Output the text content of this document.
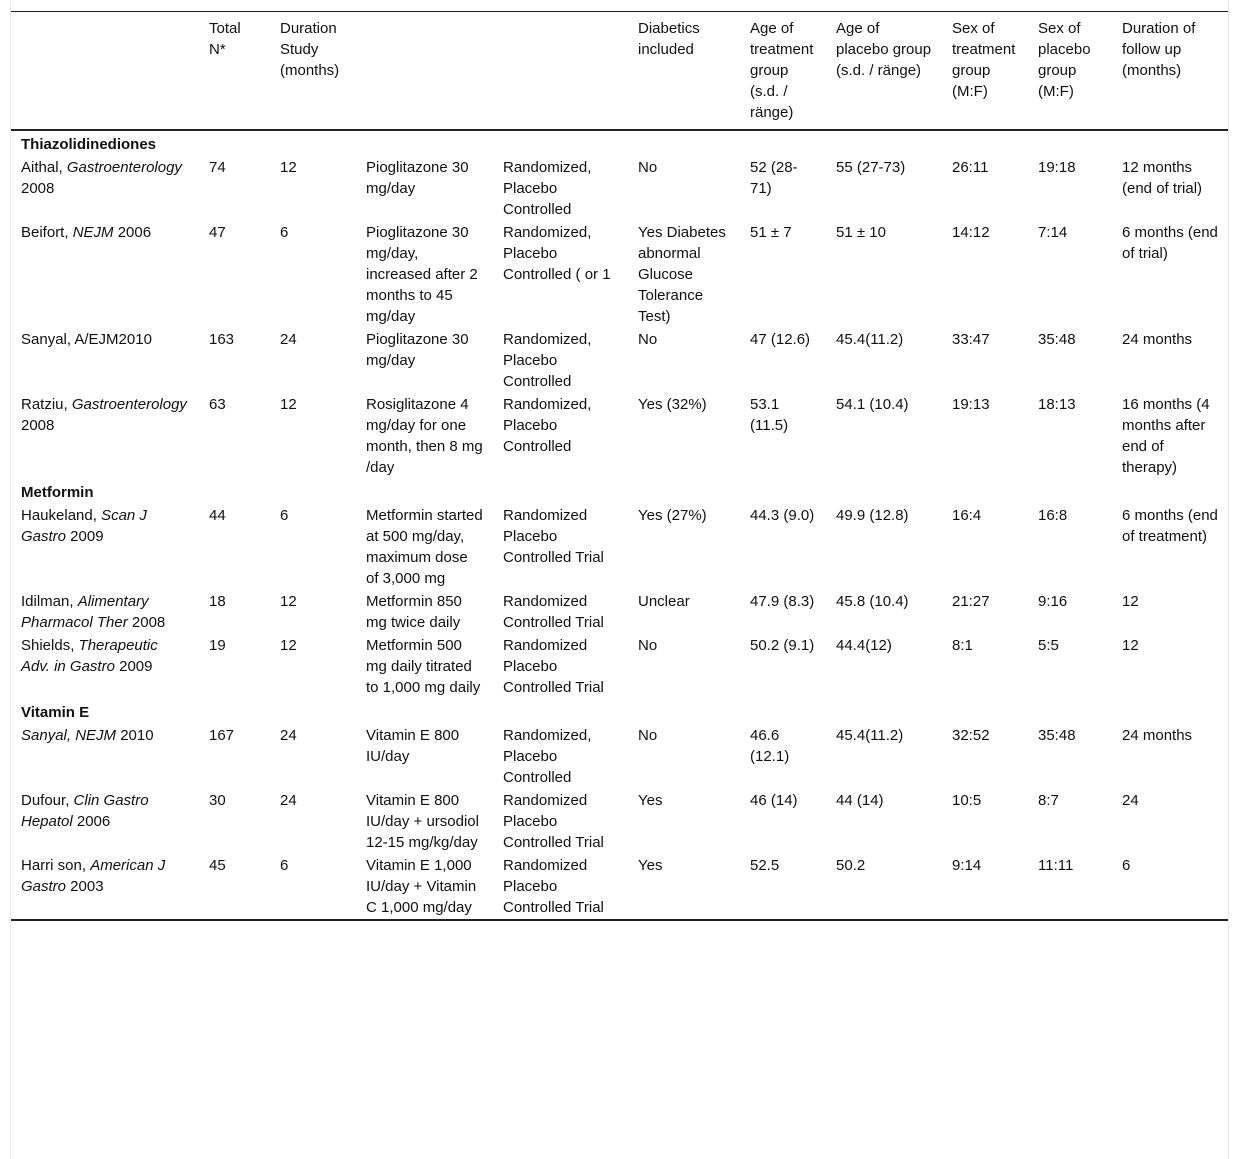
	Total N*	Duration Study (months)			Diabetics included	Age of treatment group (s.d. / ränge)	Age of placebo group (s.d. / ränge)	Sex of treatment group (M:F)	Sex of placebo group (M:F)	Duration of follow up (months)
Thiazolidinediones										
Aithal, Gastroenterology 2008	74	12	Pioglitazone 30 mg/day	Randomized, Placebo Controlled	No	52 (28-71)	55 (27-73)	26:11	19:18	12 months (end of trial)
Beifort, NEJM 2006	47	6	Pioglitazone 30 mg/day, increased after 2 months to 45 mg/day	Randomized, Placebo Controlled ( or 1	Yes Diabetes abnormal Glucose Tolerance Test)	51 ± 7	51 ± 10	14:12	7:14	6 months (end of trial)
Sanyal, A/EJM2010	163	24	Pioglitazone 30 mg/day	Randomized, Placebo Controlled	No	47 (12.6)	45.4(11.2)	33:47	35:48	24 months
Ratziu, Gastroenterology 2008	63	12	Rosiglitazone 4 mg/day for one month, then 8 mg /day	Randomized, Placebo Controlled	Yes (32%)	53.1 (11.5)	54.1 (10.4)	19:13	18:13	16 months (4 months after end of therapy)
Metformin										
Haukeland, Scan J Gastro 2009	44	6	Metformin started at 500 mg/day, maximum dose of 3,000 mg	Randomized Placebo Controlled Trial	Yes (27%)	44.3 (9.0)	49.9 (12.8)	16:4	16:8	6 months (end of treatment)
Idilman, Alimentary Pharmacol Ther 2008	18	12	Metformin 850 mg twice daily	Randomized Controlled Trial	Unclear	47.9 (8.3)	45.8 (10.4)	21:27	9:16	12
Shields, Therapeutic Adv. in Gastro 2009	19	12	Metformin 500 mg daily titrated to 1,000 mg daily	Randomized Placebo Controlled Trial	No	50.2 (9.1)	44.4(12)	8:1	5:5	12
Vitamin E										
Sanyal, NEJM 2010	167	24	Vitamin E 800 IU/day	Randomized, Placebo Controlled	No	46.6 (12.1)	45.4(11.2)	32:52	35:48	24 months
Dufour, Clin Gastro Hepatol 2006	30	24	Vitamin E 800 IU/day + ursodiol 12-15 mg/kg/day	Randomized Placebo Controlled Trial	Yes	46 (14)	44 (14)	10:5	8:7	24
Harri son, American J Gastro 2003	45	6	Vitamin E 1,000 IU/day + Vitamin C 1,000 mg/day	Randomized Placebo Controlled Trial	Yes	52.5	50.2	9:14	11:11	6
